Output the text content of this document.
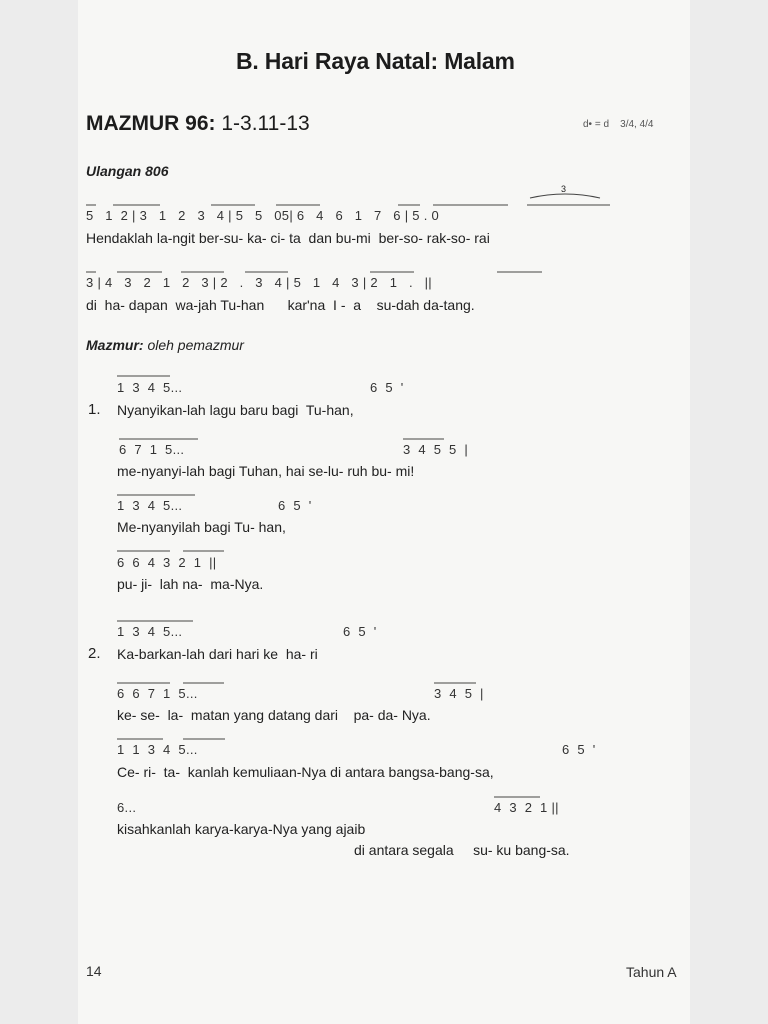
B. Hari Raya Natal: Malam
MAZMUR 96: 1-3.11-13	d• = d    3/4, 4/4
Ulangan 806
5   1  2 | 3   1   2   3   4 | 5   5   05| 6   4   6   1   7   6 | 5 . 0
3
Hendaklah la-ngit ber-su- ka- ci- ta  dan bu-mi  ber-so- rak-so- rai
3 | 4   3   2   1   2   3 | 2   .   3   4 | 5   1   4   3 | 2   1   .   ||
di  ha- dapan  wa-jah Tu-han      kar'na  I -  a    su-dah da-tang.
Mazmur: oleh pemazmur
1  3  4  5...	6  5  '
1. Nyanyikan-lah lagu baru bagi  Tu-han,
6  7  1  5...	3  4  5  5  |
me-nyanyi-lah bagi Tuhan, hai se-lu- ruh bu- mi!
1  3  4  5...	6  5  '
Me-nyanyilah bagi Tu- han,
6  6  4  3  2  1  ||
pu- ji-  lah na-  ma-Nya.
1  3  4  5...	6  5  '
2. Ka-barkan-lah dari hari ke  ha- ri
6  6  7  1  5...	3  4  5  |
ke- se-  la-  matan yang datang dari    pa- da- Nya.
1  1  3  4  5...	6  5  '
Ce- ri-  ta-  kanlah kemuliaan-Nya di antara bangsa-bang-sa,
6...	4  3  2  1 ||
kisahkanlah karya-karya-Nya yang ajaib
di antara segala     su- ku bang-sa.
14	Tahun A
